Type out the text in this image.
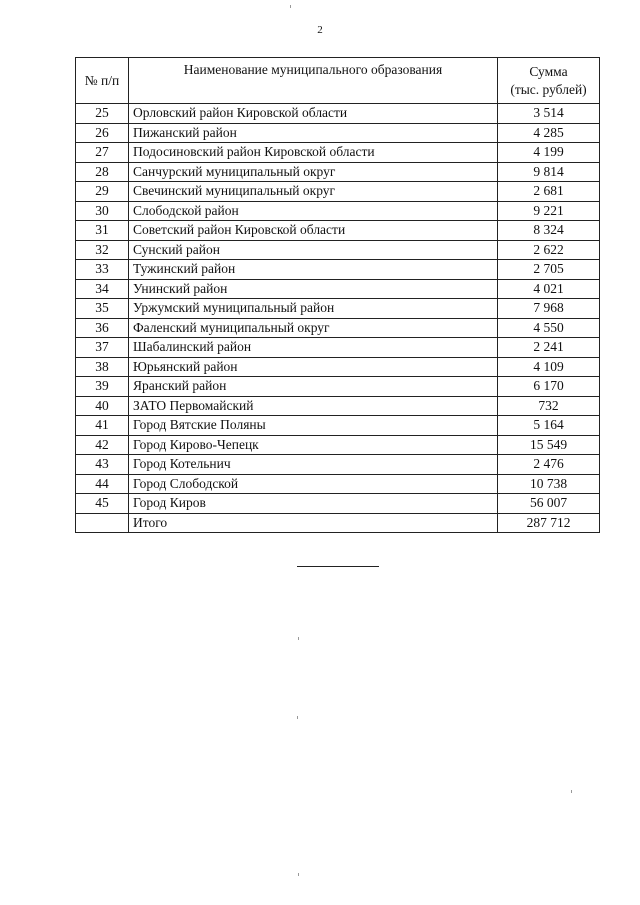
2
№ п/п	Наименование муниципального образования	Сумма
(тыс. рублей)
25	Орловский район Кировской области	3 514
26	Пижанский район	4 285
27	Подосиновский район Кировской области	4 199
28	Санчурский муниципальный округ	9 814
29	Свечинский муниципальный округ	2 681
30	Слободской район	9 221
31	Советский район Кировской области	8 324
32	Сунский район	2 622
33	Тужинский район	2 705
34	Унинский район	4 021
35	Уржумский муниципальный район	7 968
36	Фаленский муниципальный округ	4 550
37	Шабалинский район	2 241
38	Юрьянский район	4 109
39	Яранский район	6 170
40	ЗАТО Первомайский	732
41	Город Вятские Поляны	5 164
42	Город Кирово-Чепецк	15 549
43	Город Котельнич	2 476
44	Город Слободской	10 738
45	Город Киров	56 007
	Итого	287 712
